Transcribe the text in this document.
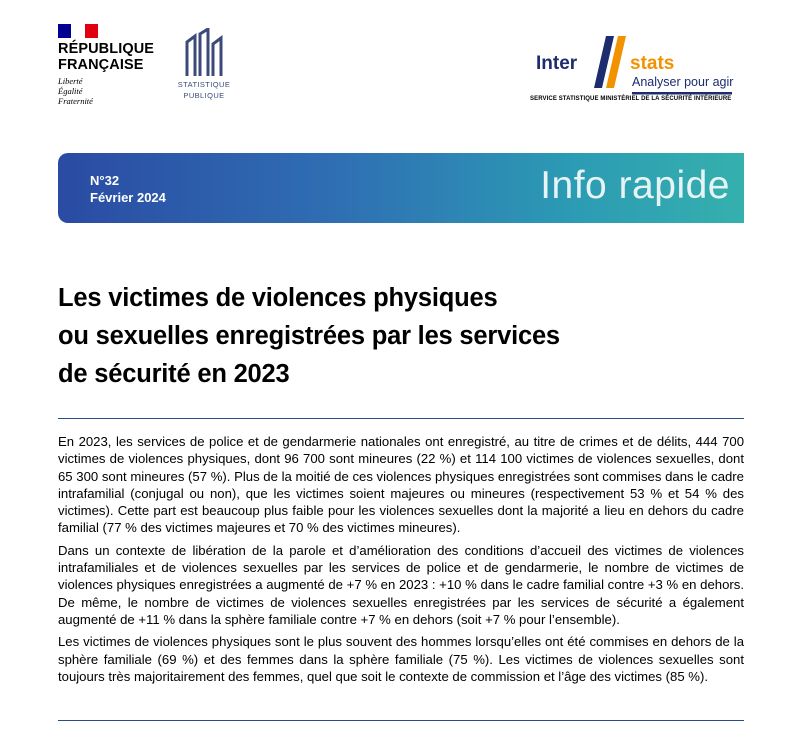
RÉPUBLIQUE
FRANÇAISE
Liberté
Égalité
Fraternité
STATISTIQUE
PUBLIQUE
Inter	stats
Analyser pour agir
SERVICE STATISTIQUE MINISTÉRIEL DE LA SÉCURITÉ INTÉRIEURE
N°32
Février 2024	Info rapide
Les victimes de violences physiques
ou sexuelles enregistrées par les services
de sécurité en 2023

En 2023, les services de police et de gendarmerie nationales ont enregistré, au titre de crimes et de délits, 444 700 victimes de violences physiques, dont 96 700 sont mineures (22 %) et 114 100 victimes de violences sexuelles, dont 65 300 sont mineures (57 %). Plus de la moitié de ces violences physiques enregistrées sont commises dans le cadre intrafamilial (conjugal ou non), que les victimes soient majeures ou mineures (respectivement 53 % et 54 % des victimes). Cette part est beaucoup plus faible pour les violences sexuelles dont la majorité a lieu en dehors du cadre familial (77 % des victimes majeures et 70 % des victimes mineures).

Dans un contexte de libération de la parole et d’amélioration des conditions d’accueil des victimes de violences intrafamiliales et de violences sexuelles par les services de police et de gendarmerie, le nombre de victimes de violences physiques enregistrées a augmenté de +7 % en 2023 : +10 % dans le cadre familial contre +3 % en dehors. De même, le nombre de victimes de violences sexuelles enregistrées par les services de sécurité a également augmenté de +11 % dans la sphère familiale contre +7 % en dehors (soit +7 % pour l’ensemble).

Les victimes de violences physiques sont le plus souvent des hommes lorsqu’elles ont été commises en dehors de la sphère familiale (69 %) et des femmes dans la sphère familiale (75 %). Les victimes de violences sexuelles sont toujours très majoritairement des femmes, quel que soit le contexte de commission et l’âge des victimes (85 %).
